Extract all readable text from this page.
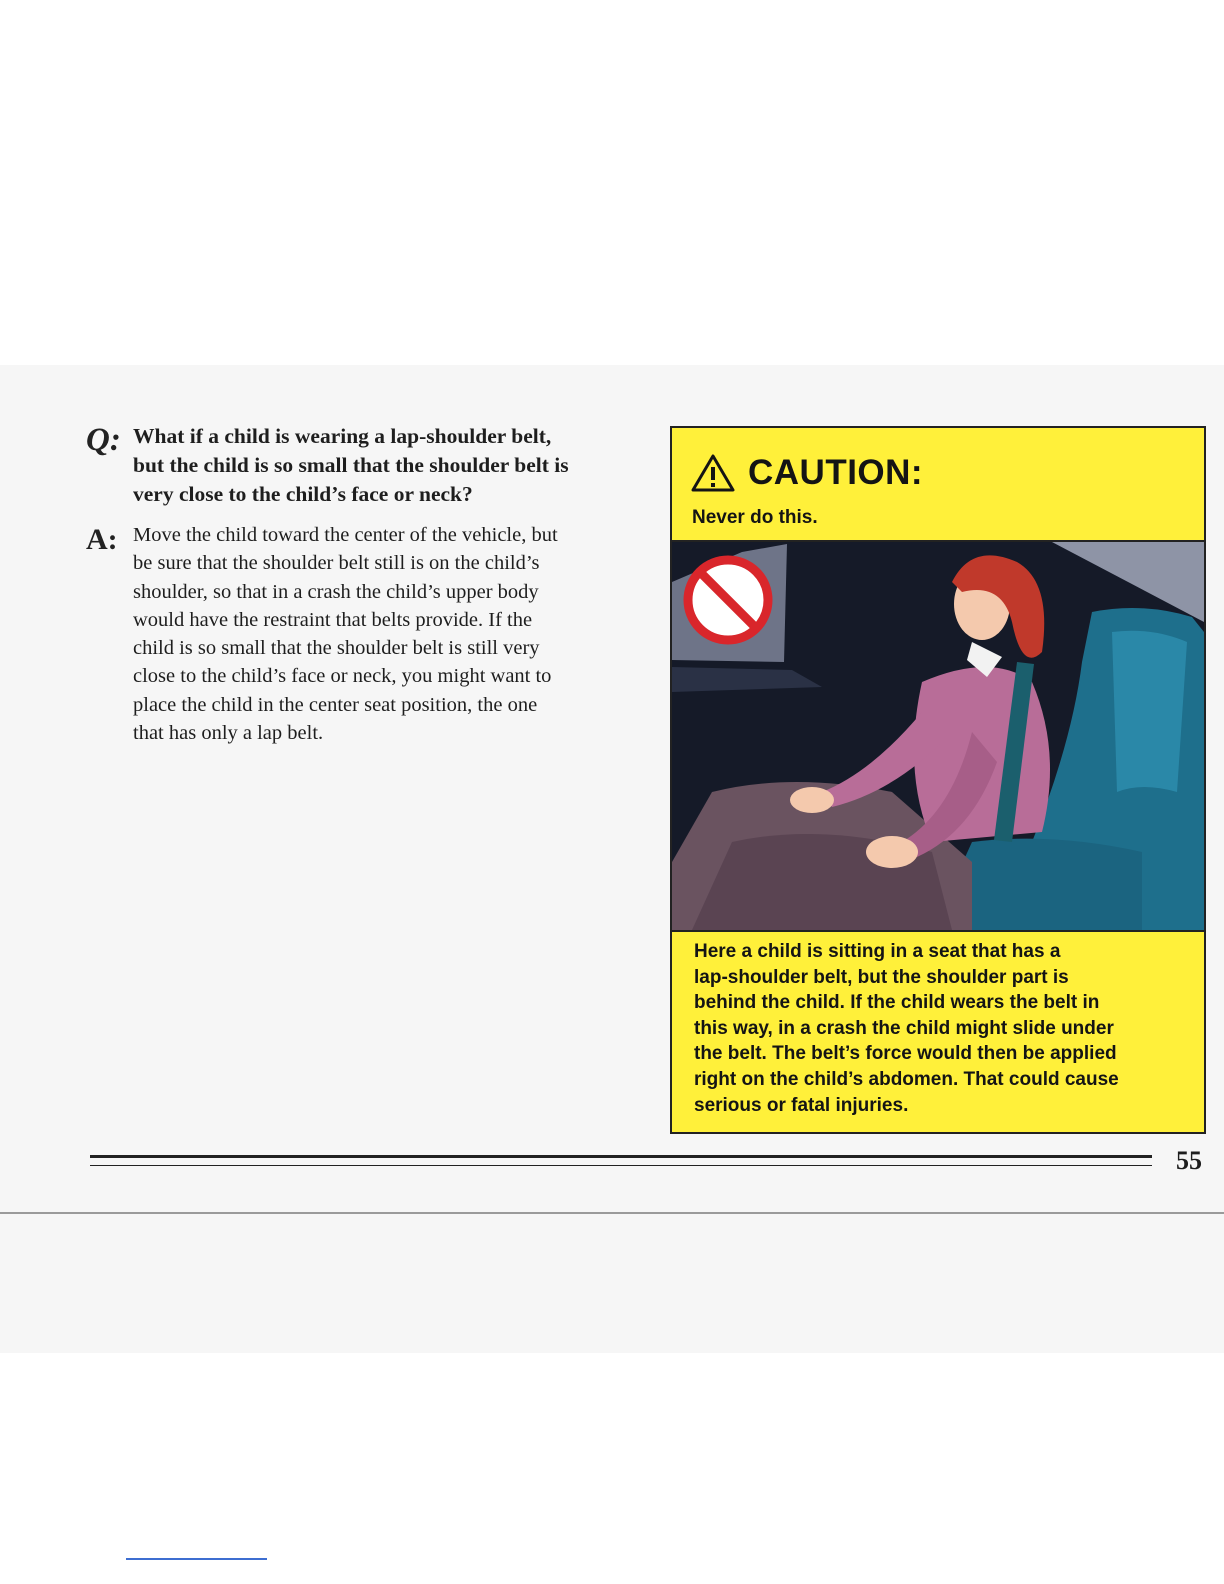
Q: What if a child is wearing a lap-shoulder belt,
but the child is so small that the shoulder belt is
very close to the child’s face or neck?
A: Move the child toward the center of the vehicle, but
be sure that the shoulder belt still is on the child’s
shoulder, so that in a crash the child’s upper body
would have the restraint that belts provide. If the
child is so small that the shoulder belt is still very
close to the child’s face or neck, you might want to
place the child in the center seat position, the one
that has only a lap belt.
CAUTION:
Never do this.
Here a child is sitting in a seat that has a
lap-shoulder belt, but the shoulder part is
behind the child. If the child wears the belt in
this way, in a crash the child might slide under
the belt. The belt’s force would then be applied
right on the child’s abdomen. That could cause
serious or fatal injuries.
55
